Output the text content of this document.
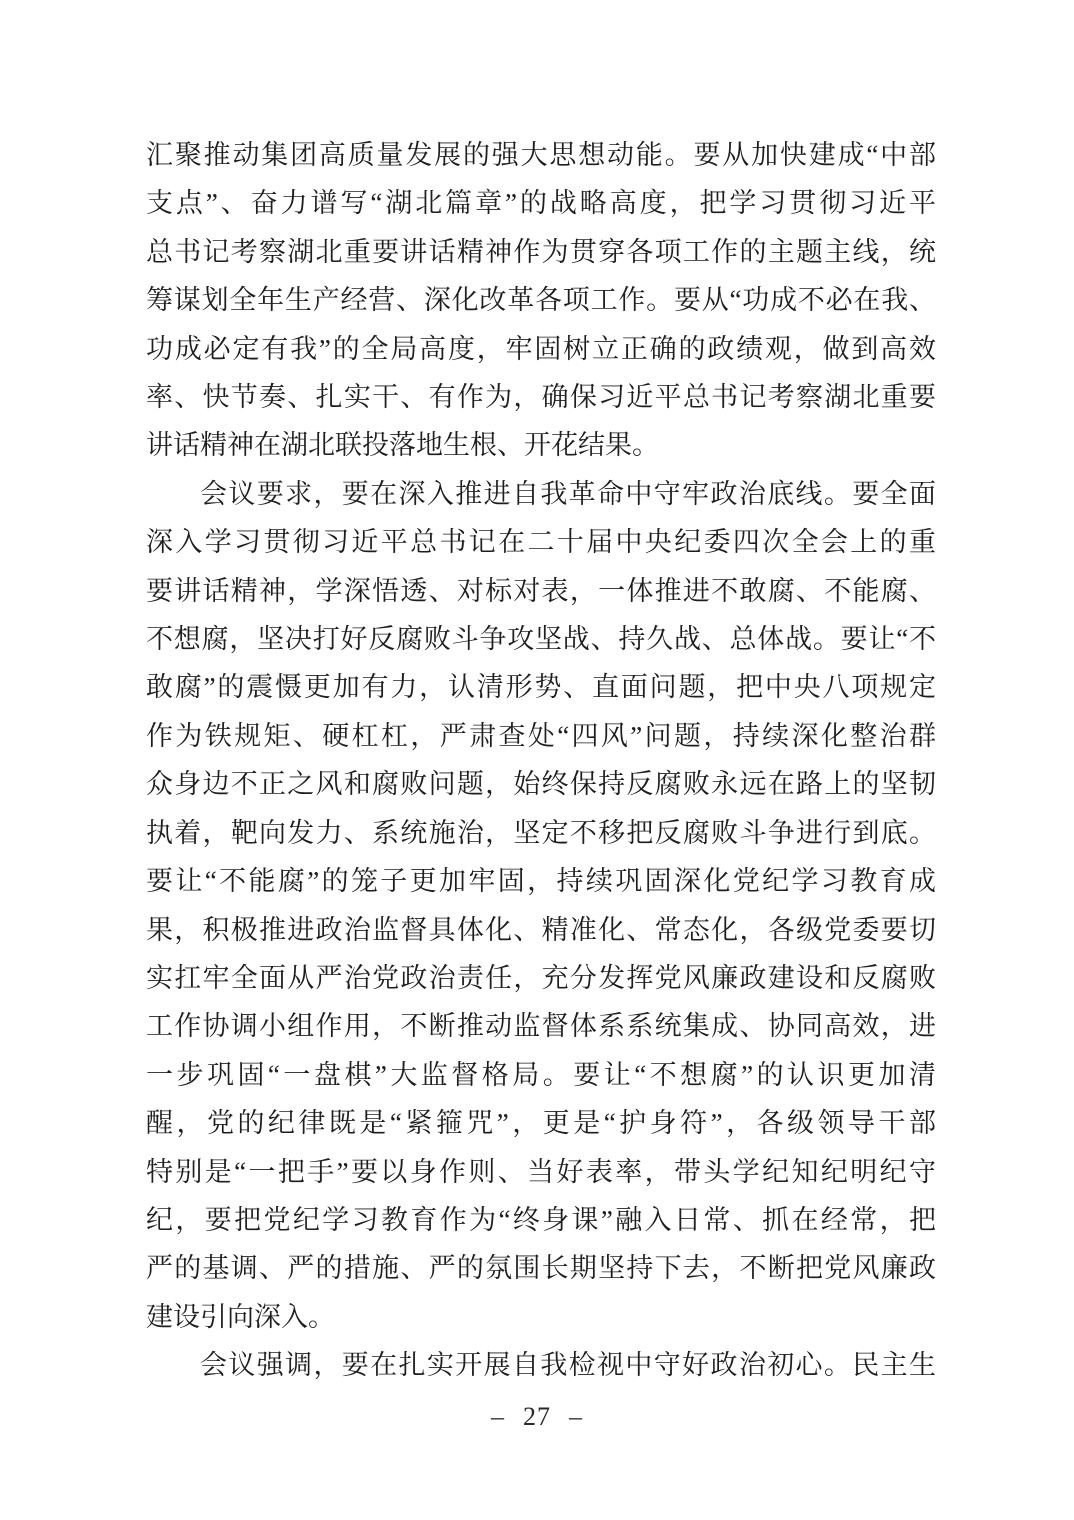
汇聚推动集团高质量发展的强大思想动能。要从加快建成“中部
支点”、奋力谱写“湖北篇章”的战略高度，把学习贯彻习近平
总书记考察湖北重要讲话精神作为贯穿各项工作的主题主线，统
筹谋划全年生产经营、深化改革各项工作。要从“功成不必在我、
功成必定有我”的全局高度，牢固树立正确的政绩观，做到高效
率、快节奏、扎实干、有作为，确保习近平总书记考察湖北重要
讲话精神在湖北联投落地生根、开花结果。
会议要求，要在深入推进自我革命中守牢政治底线。要全面
深入学习贯彻习近平总书记在二十届中央纪委四次全会上的重
要讲话精神，学深悟透、对标对表，一体推进不敢腐、不能腐、
不想腐，坚决打好反腐败斗争攻坚战、持久战、总体战。要让“不
敢腐”的震慑更加有力，认清形势、直面问题，把中央八项规定
作为铁规矩、硬杠杠，严肃查处“四风”问题，持续深化整治群
众身边不正之风和腐败问题，始终保持反腐败永远在路上的坚韧
执着，靶向发力、系统施治，坚定不移把反腐败斗争进行到底。
要让“不能腐”的笼子更加牢固，持续巩固深化党纪学习教育成
果，积极推进政治监督具体化、精准化、常态化，各级党委要切
实扛牢全面从严治党政治责任，充分发挥党风廉政建设和反腐败
工作协调小组作用，不断推动监督体系系统集成、协同高效，进
一步巩固“一盘棋”大监督格局。要让“不想腐”的认识更加清
醒，党的纪律既是“紧箍咒”，更是“护身符”，各级领导干部
特别是“一把手”要以身作则、当好表率，带头学纪知纪明纪守
纪，要把党纪学习教育作为“终身课”融入日常、抓在经常，把
严的基调、严的措施、严的氛围长期坚持下去，不断把党风廉政
建设引向深入。
会议强调，要在扎实开展自我检视中守好政治初心。民主生
– 27 –
